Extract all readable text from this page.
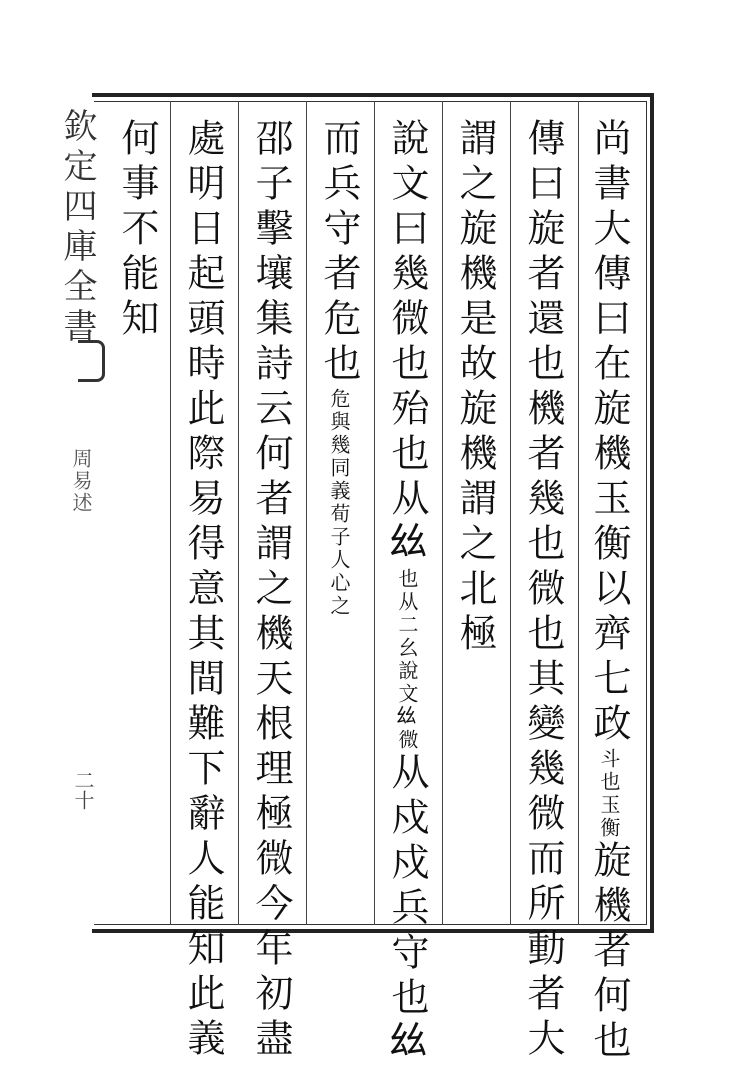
欽定四庫全書
周易述
二十
尚書大傳曰在旋機玉衡以齊七政
玉衡
斗也
旋機者何也
傳曰旋者還也機者幾也微也其變幾微而所動者大
謂之旋機是故旋機謂之北極
說文曰幾微也殆也从𢆶
說文𢆶微
也从二幺
从戍戍兵守也𢆶
而兵守者危也
荀子人心之
危與幾同義
邵子擊壤集詩云何者謂之機天根理極微今年初盡
處明日起頭時此際易得意其間難下辭人能知此義
何事不能知
